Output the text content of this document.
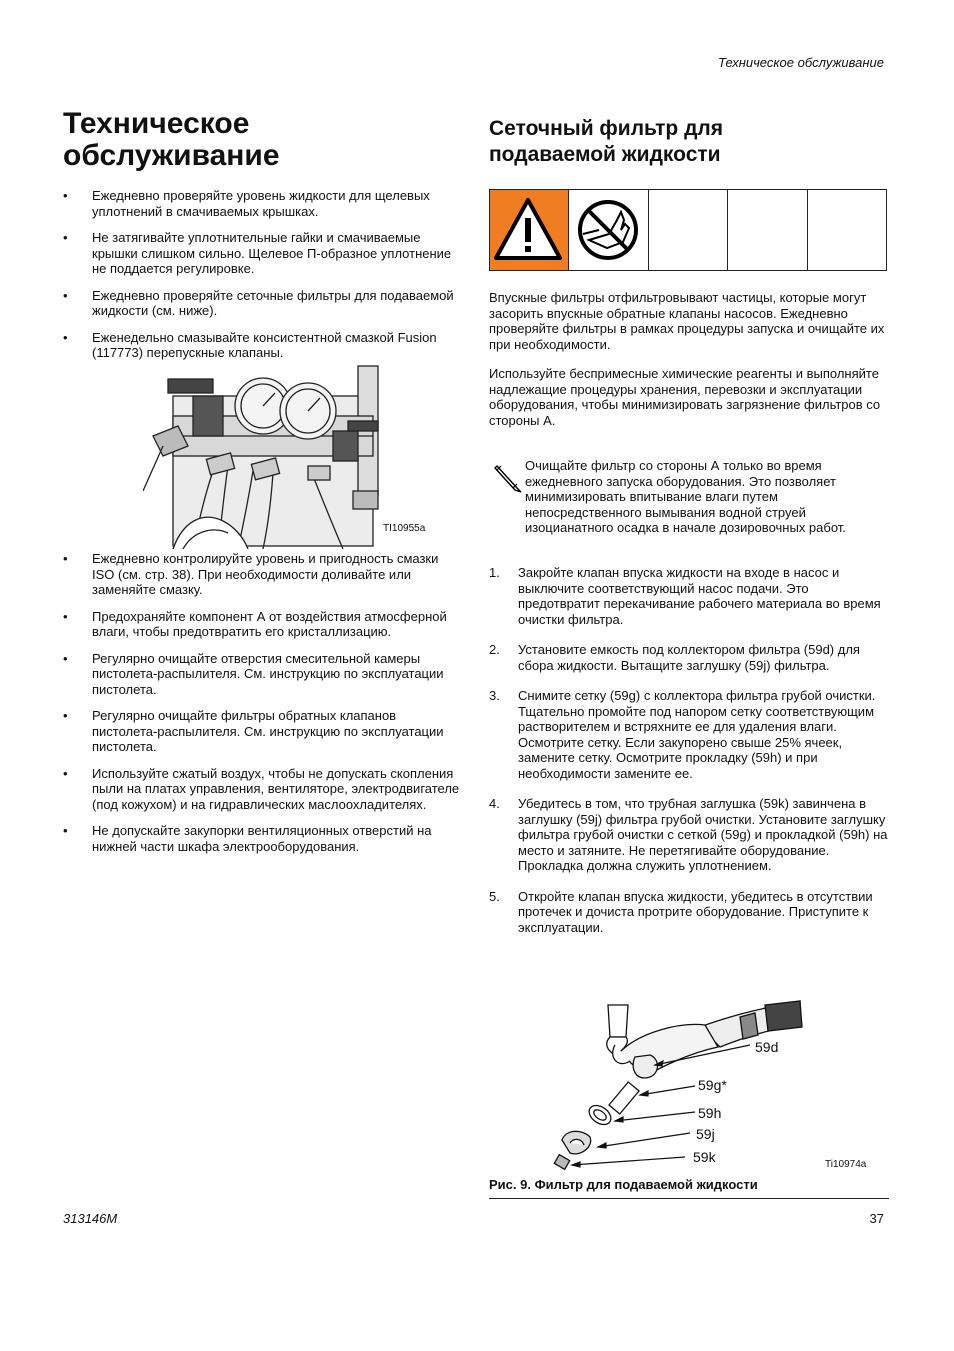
Техническое обслуживание
Техническое обслуживание
• Ежедневно проверяйте уровень жидкости для щелевых уплотнений в смачиваемых крышках.
• Не затягивайте уплотнительные гайки и смачиваемые крышки слишком сильно. Щелевое П-образное уплотнение не поддается регулировке.
• Ежедневно проверяйте сеточные фильтры для подаваемой жидкости (см. ниже).
• Еженедельно смазывайте консистентной смазкой Fusion (117773) перепускные клапаны.
TI10955a
• Ежедневно контролируйте уровень и пригодность смазки ISO (см. стр. 38). При необходимости доливайте или заменяйте смазку.
• Предохраняйте компонент А от воздействия атмосферной влаги, чтобы предотвратить его кристаллизацию.
• Регулярно очищайте отверстия смесительной камеры пистолета-распылителя. См. инструкцию по эксплуатации пистолета.
• Регулярно очищайте фильтры обратных клапанов пистолета-распылителя. См. инструкцию по эксплуатации пистолета.
• Используйте сжатый воздух, чтобы не допускать скопления пыли на платах управления, вентиляторе, электродвигателе (под кожухом) и на гидравлических маслоохладителях.
• Не допускайте закупорки вентиляционных отверстий на нижней части шкафа электрооборудования.
Сеточный фильтр для подаваемой жидкости

Впускные фильтры отфильтровывают частицы, которые могут засорить впускные обратные клапаны насосов. Ежедневно проверяйте фильтры в рамках процедуры запуска и очищайте их при необходимости.

Используйте беспримесные химические реагенты и выполняйте надлежащие процедуры хранения, перевозки и эксплуатации оборудования, чтобы минимизировать загрязнение фильтров со стороны А.

Очищайте фильтр со стороны А только во время ежедневного запуска оборудования. Это позволяет минимизировать впитывание влаги путем непосредственного вымывания водной струей изоцианатного осадка в начале дозировочных работ.
1. Закройте клапан впуска жидкости на входе в насос и выключите соответствующий насос подачи. Это предотвратит перекачивание рабочего материала во время очистки фильтра.
2. Установите емкость под коллектором фильтра (59d) для сбора жидкости. Вытащите заглушку (59j) фильтра.
3. Снимите сетку (59g) с коллектора фильтра грубой очистки. Тщательно промойте под напором сетку соответствующим растворителем и встряхните ее для удаления влаги. Осмотрите сетку. Если закупорено свыше 25% ячеек, замените сетку. Осмотрите прокладку (59h) и при необходимости замените ее.
4. Убедитесь в том, что трубная заглушка (59k) завинчена в заглушку (59j) фильтра грубой очистки. Установите заглушку фильтра грубой очистки с сеткой (59g) и прокладкой (59h) на место и затяните. Не перетягивайте оборудование. Прокладка должна служить уплотнением.
5. Откройте клапан впуска жидкости, убедитесь в отсутствии протечек и дочиста протрите оборудование. Приступите к эксплуатации.
59d
59g*
59h
59j
59k	Ti10974a
Рис. 9. Фильтр для подаваемой жидкости
313146M	37
